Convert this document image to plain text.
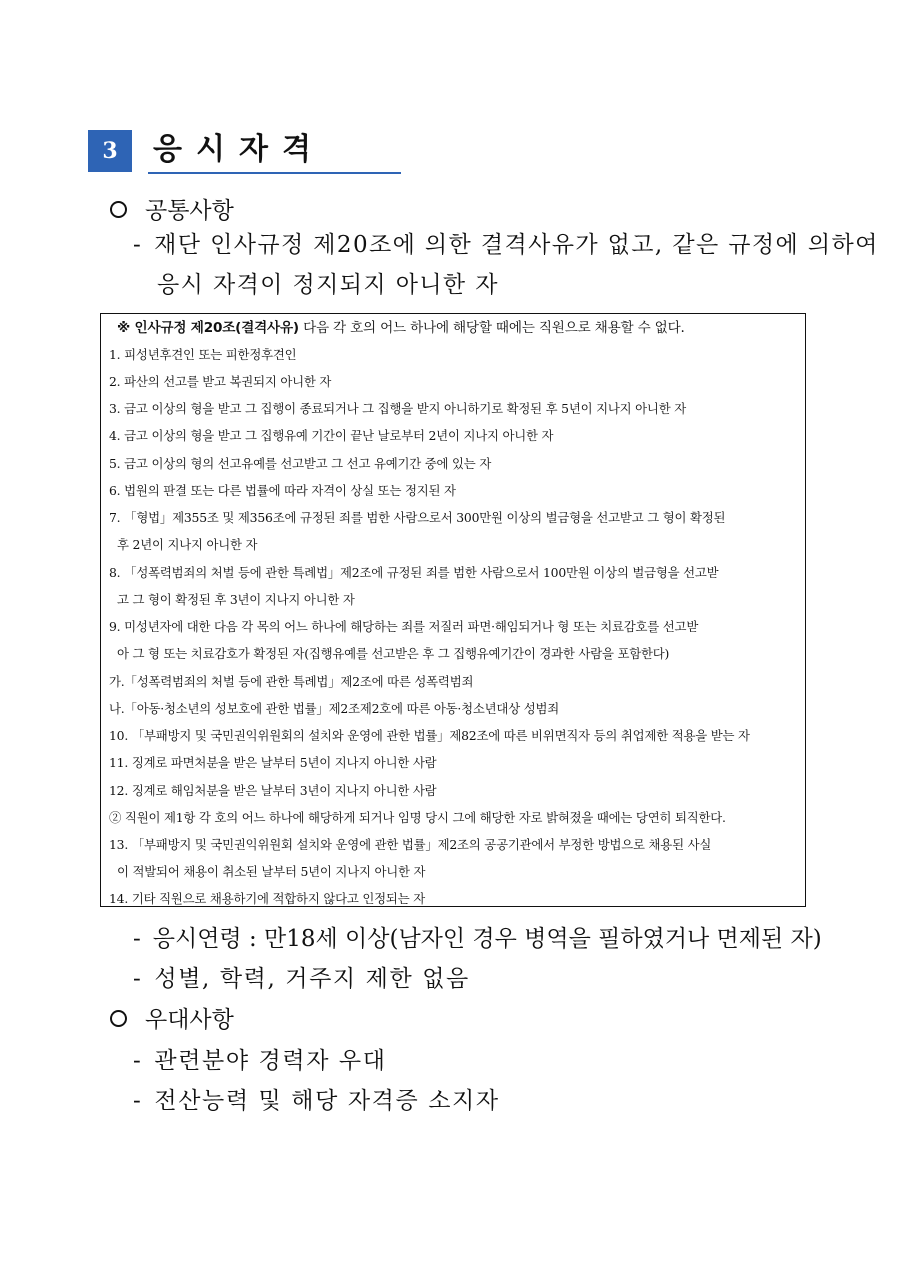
3	응시자격
공통사항
- 재단 인사규정 제20조에 의한 결격사유가 없고, 같은 규정에 의하여
응시 자격이 정지되지 아니한 자
※ 인사규정 제20조(결격사유) 다음 각 호의 어느 하나에 해당할 때에는 직원으로 채용할 수 없다.
1. 피성년후견인 또는 피한정후견인
2. 파산의 선고를 받고 복권되지 아니한 자
3. 금고 이상의 형을 받고 그 집행이 종료되거나 그 집행을 받지 아니하기로 확정된 후 5년이 지나지 아니한 자
4. 금고 이상의 형을 받고 그 집행유예 기간이 끝난 날로부터 2년이 지나지 아니한 자
5. 금고 이상의 형의 선고유예를 선고받고 그 선고 유예기간 중에 있는 자
6. 법원의 판결 또는 다른 법률에 따라 자격이 상실 또는 정지된 자
7. 「형법」제355조 및 제356조에 규정된 죄를 범한 사람으로서 300만원 이상의 벌금형을 선고받고 그 형이 확정된
후 2년이 지나지 아니한 자
8. 「성폭력범죄의 처벌 등에 관한 특례법」제2조에 규정된 죄를 범한 사람으로서 100만원 이상의 벌금형을 선고받
고 그 형이 확정된 후 3년이 지나지 아니한 자
9. 미성년자에 대한 다음 각 목의 어느 하나에 해당하는 죄를 저질러 파면·해임되거나 형 또는 치료감호를 선고받
아 그 형 또는 치료감호가 확정된 자(집행유예를 선고받은 후 그 집행유예기간이 경과한 사람을 포함한다)
가.「성폭력범죄의 처벌 등에 관한 특례법」제2조에 따른 성폭력범죄
나.「아동·청소년의 성보호에 관한 법률」제2조제2호에 따른 아동·청소년대상 성범죄
10. 「부패방지 및 국민권익위원회의 설치와 운영에 관한 법률」제82조에 따른 비위면직자 등의 취업제한 적용을 받는 자
11. 징계로 파면처분을 받은 날부터 5년이 지나지 아니한 사람
12. 징계로 해임처분을 받은 날부터 3년이 지나지 아니한 사람
② 직원이 제1항 각 호의 어느 하나에 해당하게 되거나 임명 당시 그에 해당한 자로 밝혀졌을 때에는 당연히 퇴직한다.
13. 「부패방지 및 국민권익위원회 설치와 운영에 관한 법률」제2조의 공공기관에서 부정한 방법으로 채용된 사실
이 적발되어 채용이 취소된 날부터 5년이 지나지 아니한 자
14. 기타 직원으로 채용하기에 적합하지 않다고 인정되는 자
- 응시연령 : 만18세 이상(남자인 경우 병역을 필하였거나 면제된 자)
- 성별, 학력, 거주지 제한 없음
우대사항
- 관련분야 경력자 우대
- 전산능력 및 해당 자격증 소지자
